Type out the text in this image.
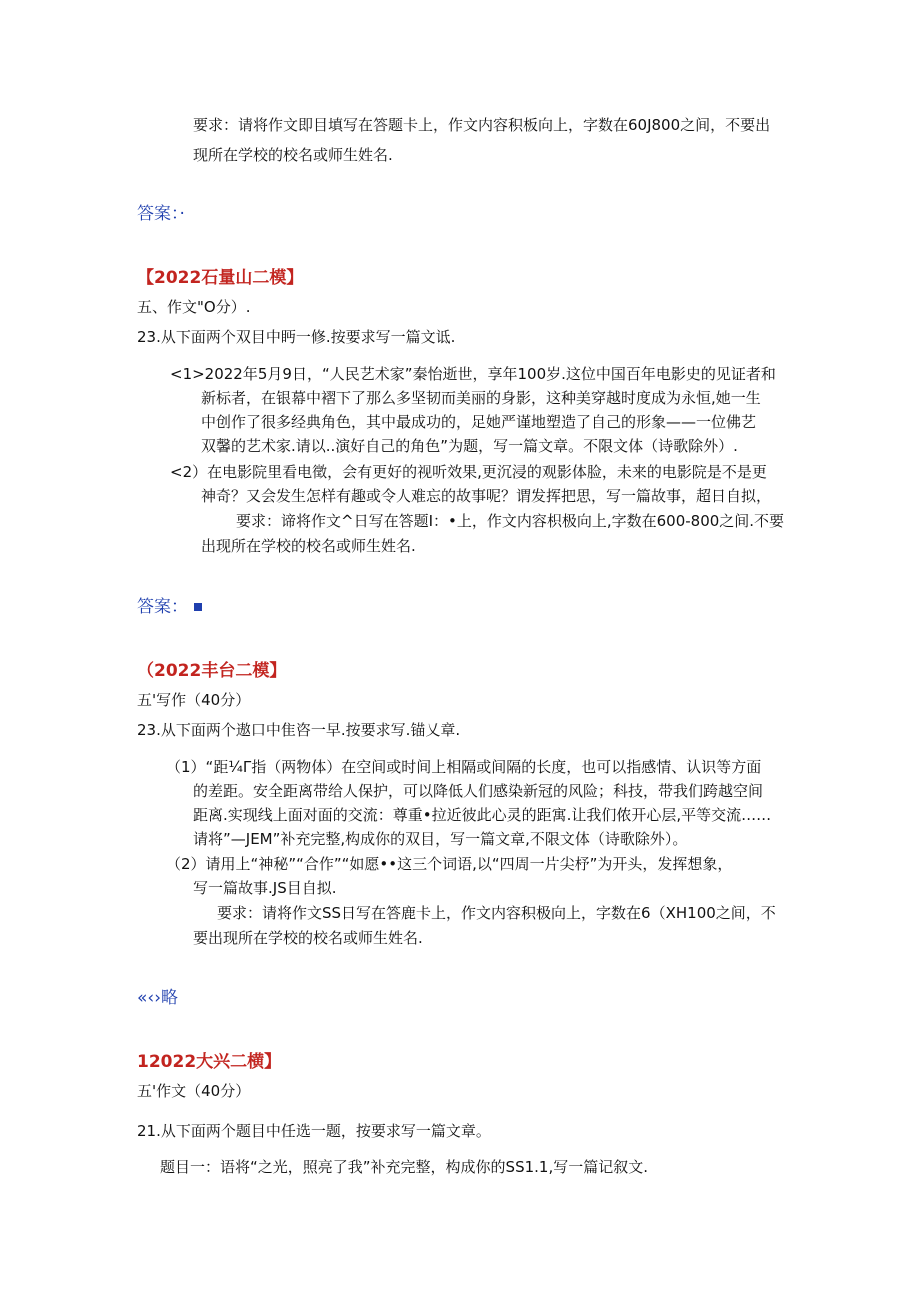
要求：请将作文即目填写在答题卡上，作文内容积板向上，字数在60J800之间，不要出
现所在学校的校名或师生姓名.
答案：·
【2022石量山二模】
五、作文"O分）.
23.从下面两个双目中眄一修.按要求写一篇文诋.
<1>2022年5月9日，“人民艺术家”秦怡逝世，享年100岁.这位中国百年电影史的见证者和
新标者，在银幕中褶下了那么多坚韧而美丽的身影，这种美穿越时度成为永恒,她一生
中创作了很多经典角色，其中最成功的，足她严谨地塑造了自己的形象——一位佛艺
双馨的艺术家.请以..演好自己的角色”为题，写一篇文章。不限文体（诗歌除外）.
<2）在电影院里看电徵，会有更好的视听效果,更沉浸的观影体脸，未来的电影院是不是更
神奇？又会发生怎样有趣或令人难忘的故事呢？谓发挥把思，写一篇故事，超日自拟，
要求：谛将作文^日写在答题I：•上，作文内容枳极向上,字数在600-800之间.不要
出现所在学校的校名或师生姓名.
答案：
（2022丰台二模】
五'写作（40分）
23.从下面两个遨口中隹咨一早.按要求写.锚乂章.
（1）“距¼Γ指（两物体）在空间或时间上相隔或间隔的长度，也可以指感情、认识等方面
的差距。安全距离带给人保护，可以降低人们感染新冠的风险；科技，带我们跨越空间
距离.实现线上面对面的交流：尊重•拉近彼此心灵的距寓.让我们侬开心层,平等交流……
请将”—JEM”补充完整,构成你的双目，写一篇文章,不限文体（诗歌除外）。
（2）请用上“神秘”“合作”“如愿••这三个词语,以“四周一片尖杼”为开头，发挥想象，
写一篇故事.JS目自拟.
要求：请将作文SS日写在答鹿卡上，作文内容积极向上，字数在6（XH100之间，不
要出现所在学校的校名或师生姓名.
«‹›略
12022大兴二横】
五'作文（40分）
21.从下面两个题目中任选一题，按要求写一篇文章。
题目一：语将“之光，照亮了我”补充完整，构成你的SS1.1,写一篇记叙文.
